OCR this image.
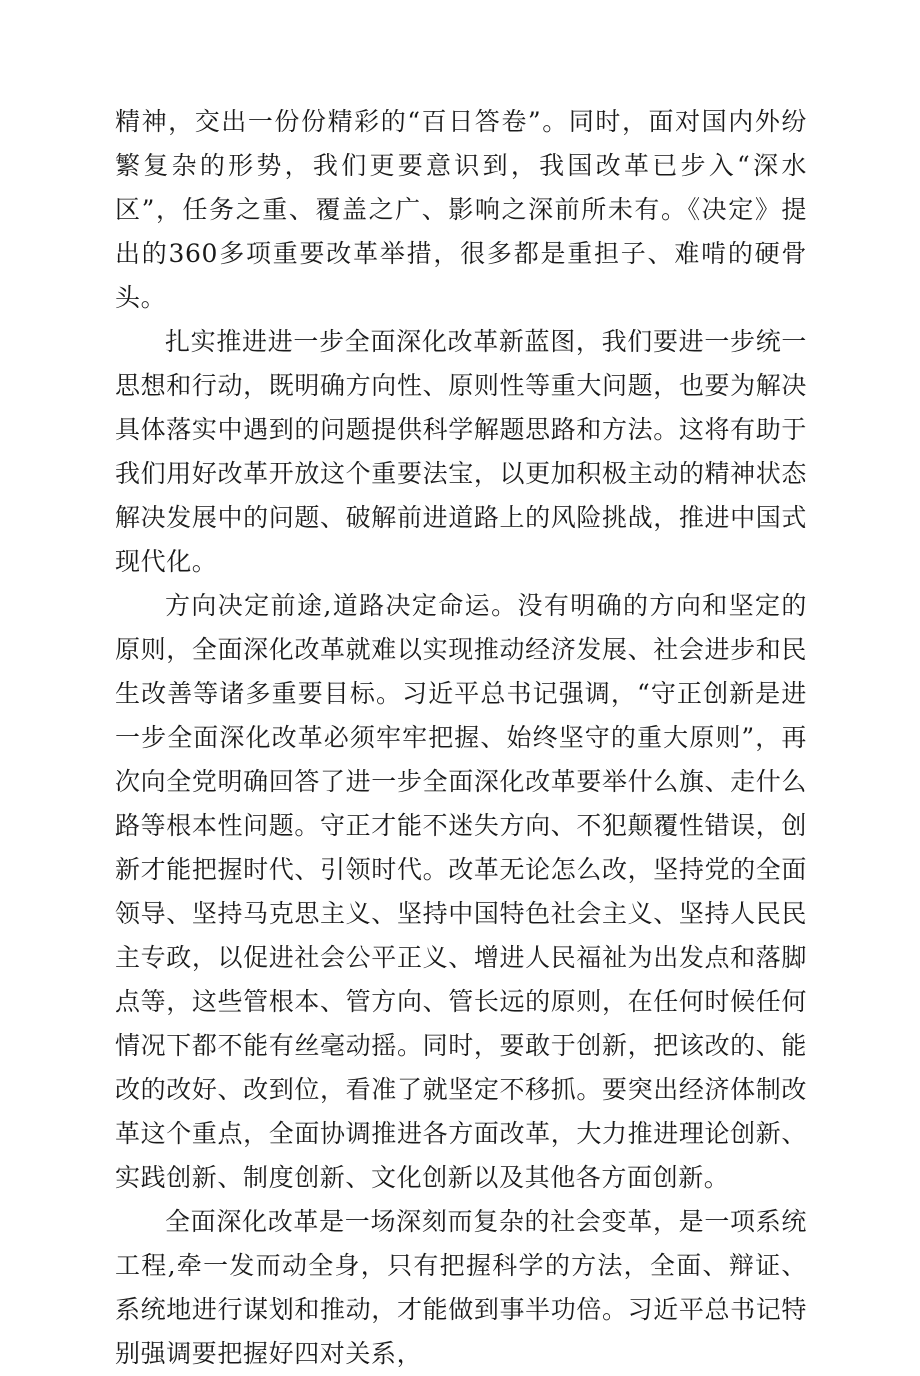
精神，交出一份份精彩的“百日答卷”。同时，面对国内外纷繁复杂的形势，我们更要意识到，我国改革已步入“深水区”，任务之重、覆盖之广、影响之深前所未有。《决定》提出的360多项重要改革举措，很多都是重担子、难啃的硬骨头。

扎实推进进一步全面深化改革新蓝图，我们要进一步统一思想和行动，既明确方向性、原则性等重大问题，也要为解决具体落实中遇到的问题提供科学解题思路和方法。这将有助于我们用好改革开放这个重要法宝，以更加积极主动的精神状态解决发展中的问题、破解前进道路上的风险挑战，推进中国式现代化。

方向决定前途,道路决定命运。没有明确的方向和坚定的原则，全面深化改革就难以实现推动经济发展、社会进步和民生改善等诸多重要目标。习近平总书记强调，“守正创新是进一步全面深化改革必须牢牢把握、始终坚守的重大原则”，再次向全党明确回答了进一步全面深化改革要举什么旗、走什么路等根本性问题。守正才能不迷失方向、不犯颠覆性错误，创新才能把握时代、引领时代。改革无论怎么改，坚持党的全面领导、坚持马克思主义、坚持中国特色社会主义、坚持人民民主专政，以促进社会公平正义、增进人民福祉为出发点和落脚点等，这些管根本、管方向、管长远的原则，在任何时候任何情况下都不能有丝毫动摇。同时，要敢于创新，把该改的、能改的改好、改到位，看准了就坚定不移抓。要突出经济体制改革这个重点，全面协调推进各方面改革，大力推进理论创新、实践创新、制度创新、文化创新以及其他各方面创新。

全面深化改革是一场深刻而复杂的社会变革，是一项系统工程,牵一发而动全身，只有把握科学的方法，全面、辩证、系统地进行谋划和推动，才能做到事半功倍。习近平总书记特别强调要把握好四对关系，
